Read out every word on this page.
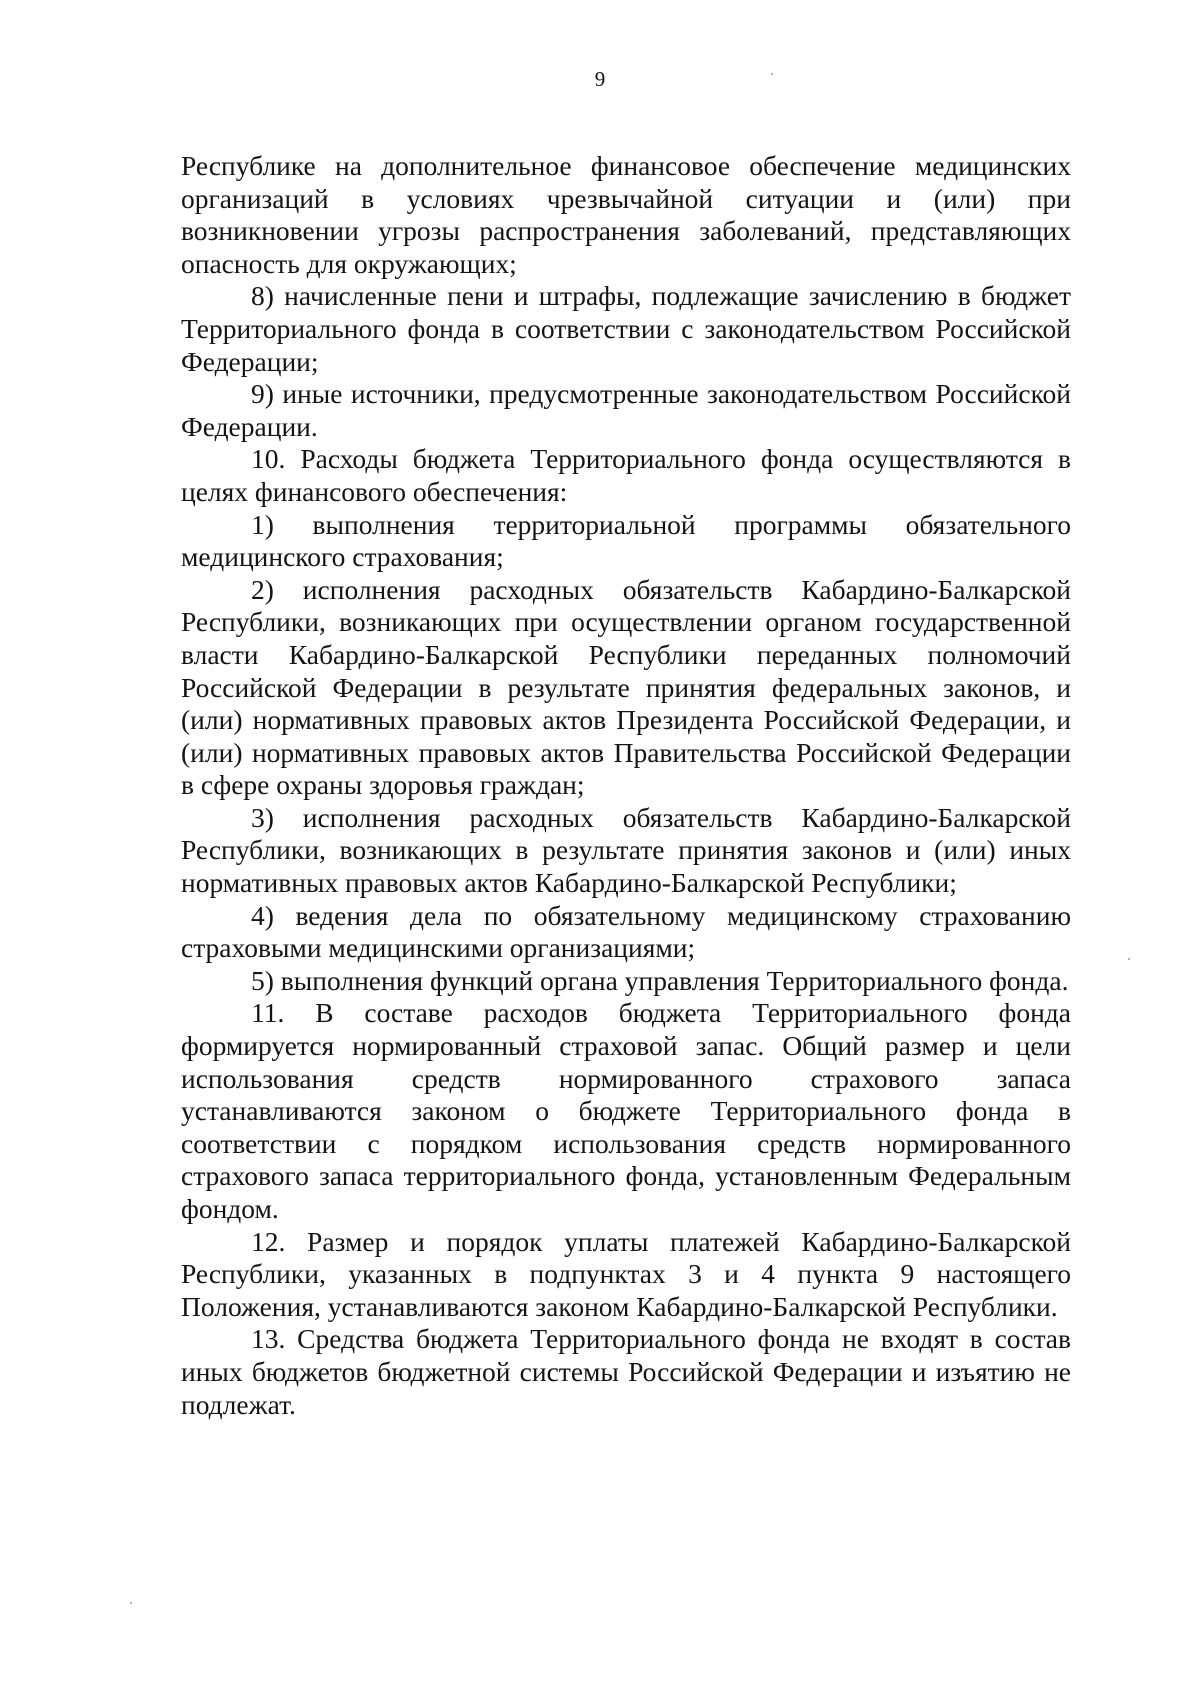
9

Республике на дополнительное финансовое обеспечение медицинских организаций в условиях чрезвычайной ситуации и (или) при возникновении угрозы распространения заболеваний, представляющих опасность для окружающих;

8) начисленные пени и штрафы, подлежащие зачислению в бюджет Территориального фонда в соответствии с законодательством Российской Федерации;

9) иные источники, предусмотренные законодательством Российской Федерации.

10. Расходы бюджета Территориального фонда осуществляются в целях финансового обеспечения:

1) выполнения территориальной программы обязательного медицинского страхования;

2) исполнения расходных обязательств Кабардино-Балкарской Республики, возникающих при осуществлении органом государственной власти Кабардино-Балкарской Республики переданных полномочий Российской Федерации в результате принятия федеральных законов, и (или) нормативных правовых актов Президента Российской Федерации, и (или) нормативных правовых актов Правительства Российской Федерации в сфере охраны здоровья граждан;

3) исполнения расходных обязательств Кабардино-Балкарской Республики, возникающих в результате принятия законов и (или) иных нормативных правовых актов Кабардино-Балкарской Республики;

4) ведения дела по обязательному медицинскому страхованию страховыми медицинскими организациями;

5) выполнения функций органа управления Территориального фонда.

11. В составе расходов бюджета Территориального фонда формируется нормированный страховой запас. Общий размер и цели использования средств нормированного страхового запаса устанавливаются законом о бюджете Территориального фонда в соответствии с порядком использования средств нормированного страхового запаса территориального фонда, установленным Федеральным фондом.

12. Размер и порядок уплаты платежей Кабардино-Балкарской Республики, указанных в подпунктах 3 и 4 пункта 9 настоящего Положения, устанавливаются законом Кабардино-Балкарской Республики.

13. Средства бюджета Территориального фонда не входят в состав иных бюджетов бюджетной системы Российской Федерации и изъятию не подлежат.
